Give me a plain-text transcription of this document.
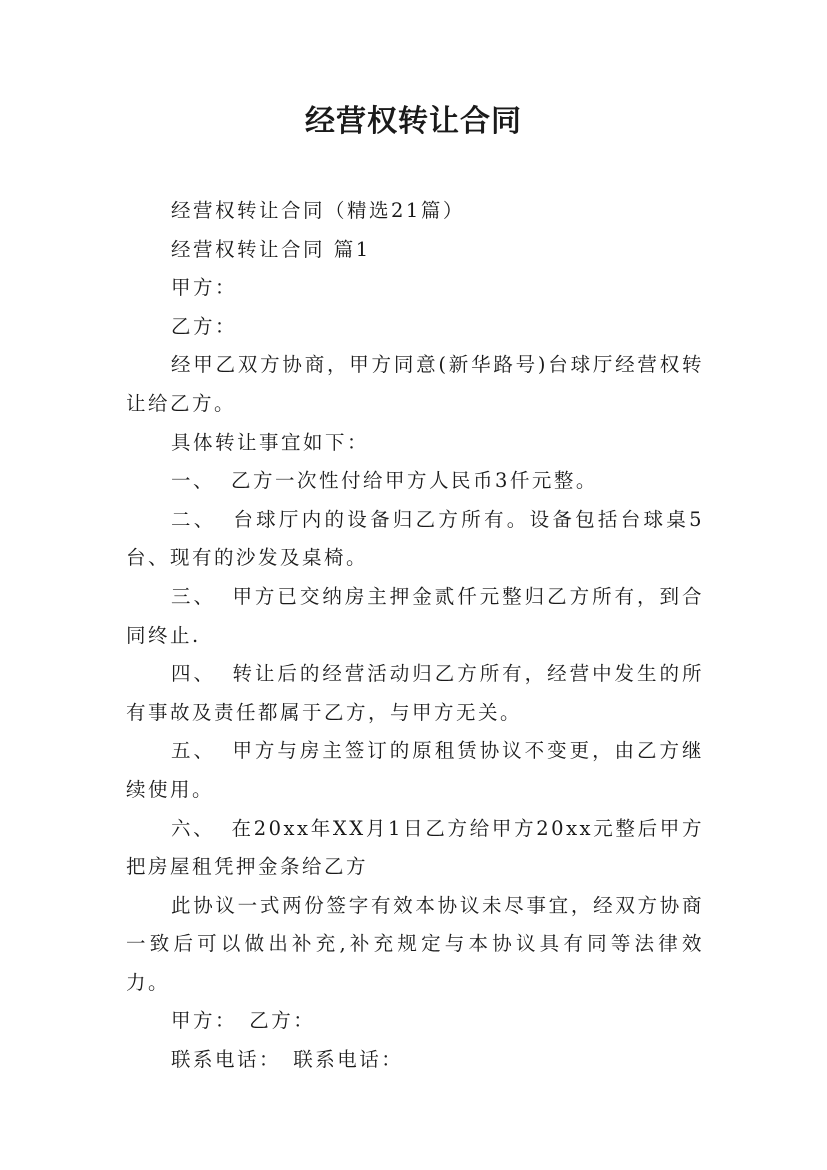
经营权转让合同

经营权转让合同（精选21篇）

经营权转让合同 篇1

甲方：

乙方：

经甲乙双方协商，甲方同意(新华路号)台球厅经营权转让给乙方。

具体转让事宜如下：

一、 乙方一次性付给甲方人民币3仟元整。

二、 台球厅内的设备归乙方所有。设备包括台球桌5台、现有的沙发及桌椅。

三、 甲方已交纳房主押金贰仟元整归乙方所有，到合同终止.

四、 转让后的经营活动归乙方所有，经营中发生的所有事故及责任都属于乙方，与甲方无关。

五、 甲方与房主签订的原租赁协议不变更，由乙方继续使用。

六、 在20xx年XX月1日乙方给甲方20xx元整后甲方把房屋租凭押金条给乙方

此协议一式两份签字有效本协议未尽事宜，经双方协商一致后可以做出补充,补充规定与本协议具有同等法律效力。

甲方：　乙方：

联系电话：　联系电话：
